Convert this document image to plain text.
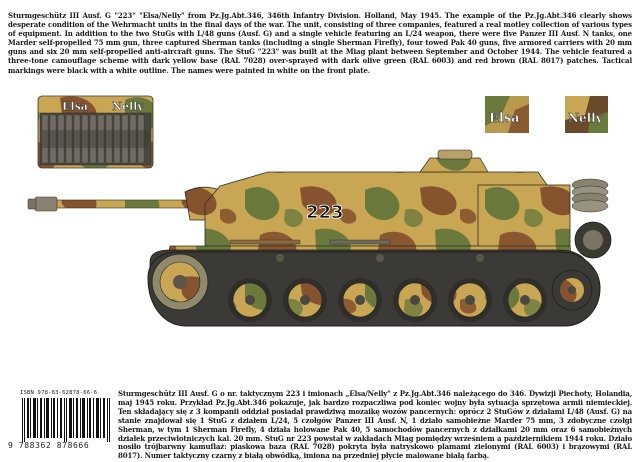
Sturmgeschütz III Ausf. G "223" "Elsa/Nelly" from Pz.Jg.Abt.346, 346th Infantry Division. Holland, May 1945. The example of the Pz.Jg.Abt.346 clearly shows desperate condition of the Wehrmacht units in the final days of the war. The unit, consisting of three companies, featured a real motley collection of various types of equipment. In addition to the two StuGs with L/48 guns (Ausf. G) and a single vehicle featuring an L/24 weapon, there were five Panzer III Ausf. N tanks, one Marder self-propelled 75 mm gun, three captured Sherman tanks (including a single Sherman Firefly), four towed Pak 40 guns, five armored carriers with 20 mm guns and six 20 mm self-propelled anti-aircraft guns. The StuG "223" was built at the Miag plant between September and October 1944. The vehicle featured a three-tone camouflage scheme with dark yellow base (RAL 7028) over-sprayed with dark olive green (RAL 6003) and red brown (RAL 8017) patches. Tactical markings were black with a white outline. The names were painted in white on the front plate.

Elsa Nelly
Elsa	Nelly
223
ISBN 978-83-62878-66-6
9 788362 878666

Sturmgeschütz III Ausf. G o nr. taktycznym 223 i imionach „Elsa/Nelly" z Pz.Jg.Abt.346 należącego do 346. Dywizji Piechoty, Holandia, maj 1945 roku. Przykład Pz.Jg.Abt.346 pokazuje, jak bardzo rozpaczliwa pod koniec wojny była sytuacja sprzętowa armii niemieckiej. Ten składający się z 3 kompanii oddział posiadał prawdziwą mozaikę wozów pancernych: oprócz 2 StuGów z działami L/48 (Ausf. G) na stanie znajdował się 1 StuG z działem L/24, 5 czołgów Panzer III Ausf. N, 1 działo samobieżne Marder 75 mm, 3 zdobyczne czołgi Sherman, w tym 1 Sherman Firefly, 4 działa holowane Pak 40, 5 samochodów pancernych z działkami 20 mm oraz 6 samobieżnych działek przeciwlotniczych kal. 20 mm. StuG nr 223 powstał w zakładach Miag pomiędzy wrześniem a październikiem 1944 roku. Działo nosiło trójbarwny kamuflaż: piaskowa baza (RAL 7028) pokryta była natryskowo plamami zielonymi (RAL 6003) i brązowymi (RAL 8017). Numer taktyczny czarny z białą obwódką, imiona na przedniej płycie malowane białą farbą.
